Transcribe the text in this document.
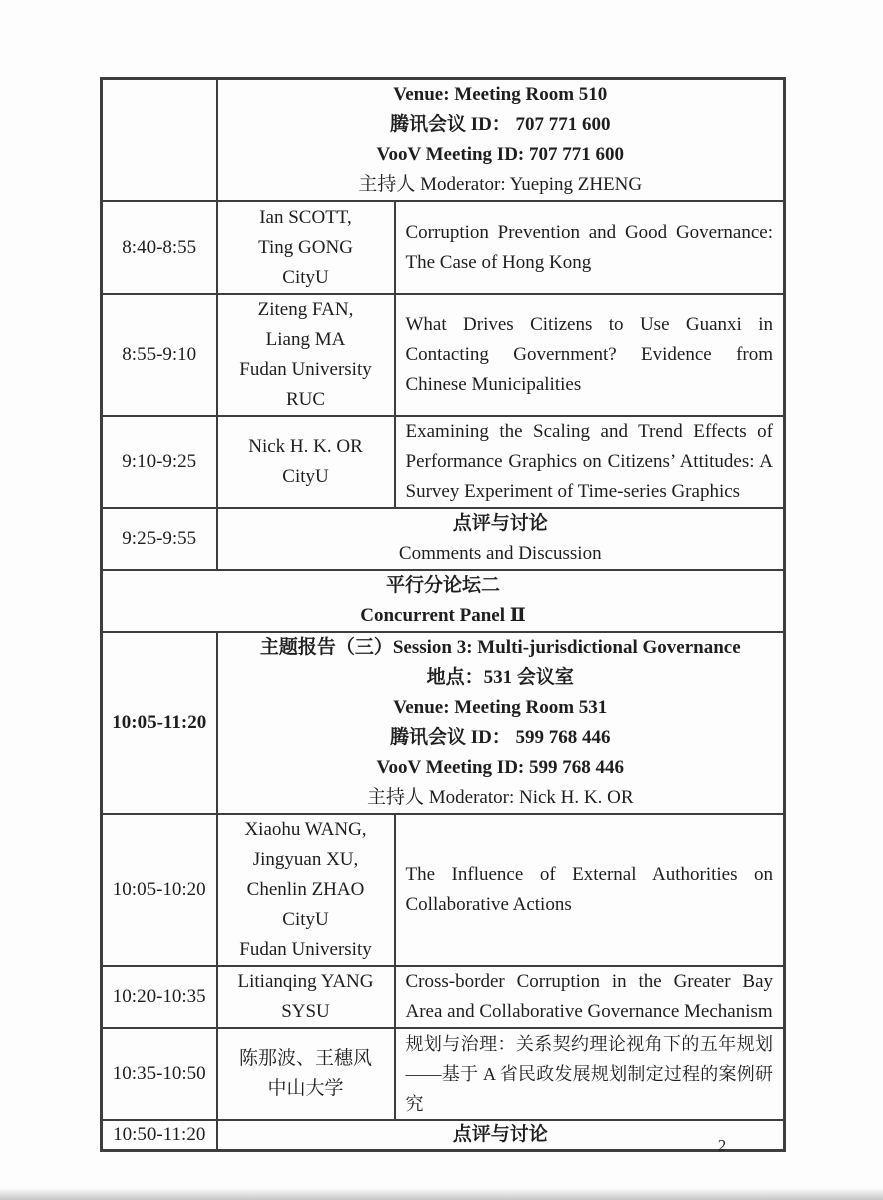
	Venue: Meeting Room 510
腾讯会议 ID： 707 771 600
VooV Meeting ID: 707 771 600
主持人 Moderator: Yueping ZHENG	

8:40-8:55	Ian SCOTT,
Ting GONG
CityU	Corruption Prevention and Good Governance: The Case of Hong Kong
8:55-9:10	Ziteng FAN,
Liang MA
Fudan University
RUC	What Drives Citizens to Use Guanxi in Contacting Government? Evidence from Chinese Municipalities
9:10-9:25	Nick H. K. OR
CityU	Examining the Scaling and Trend Effects of Performance Graphics on Citizens’ Attitudes: A Survey Experiment of Time-series Graphics
9:25-9:55	点评与讨论
Comments and Discussion	

平行分论坛二
Concurrent Panel Ⅱ		

10:05-11:20	
主题报告（三）Session 3: Multi-jurisdictional Governance
地点：531 会议室
Venue: Meeting Room 531
腾讯会议 ID： 599 768 446
VooV Meeting ID: 599 768 446
主持人 Moderator: Nick H. K. OR

10:05-10:20	Xiaohu WANG,
Jingyuan XU,
Chenlin ZHAO
CityU
Fudan University	The Influence of External Authorities on Collaborative Actions
10:20-10:35	Litianqing YANG
SYSU	Cross-border Corruption in the Greater Bay Area and Collaborative Governance Mechanism
10:35-10:50	陈那波、王穗风
中山大学	规划与治理：关系契约理论视角下的五年规划——基于 A 省民政发展规划制定过程的案例研究
10:50-11:20	点评与讨论	
2
